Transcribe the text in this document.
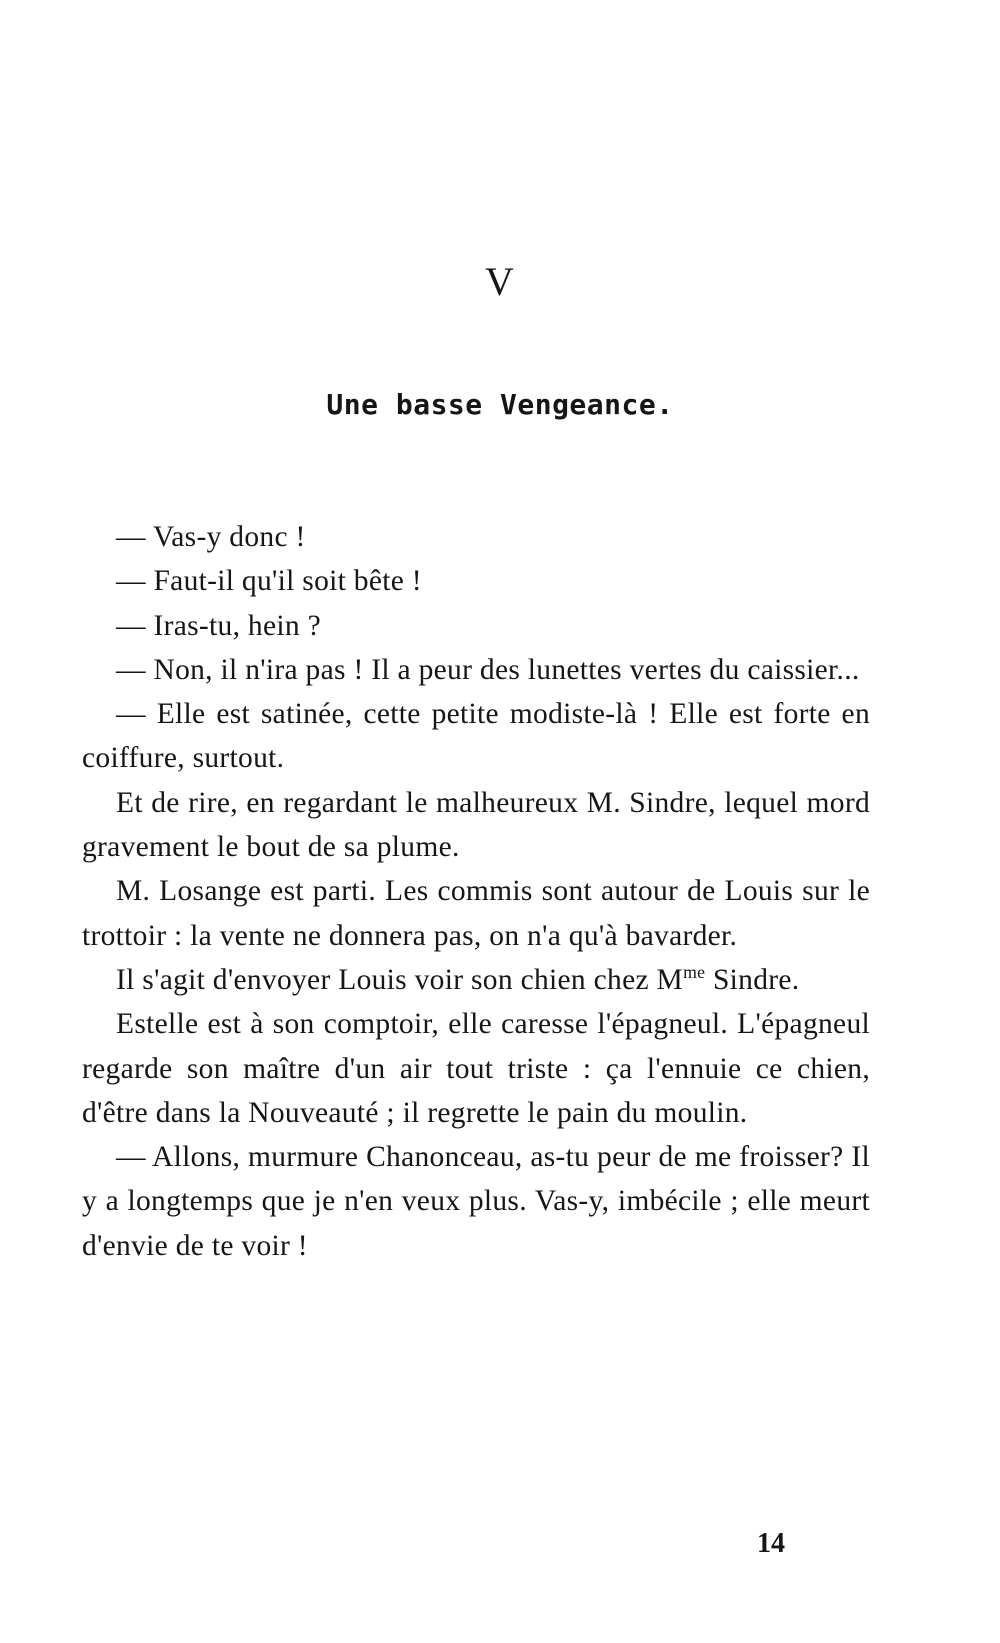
V
Une basse Vengeance.

— Vas-y donc !

— Faut-il qu'il soit bête !

— Iras-tu, hein ?

— Non, il n'ira pas ! Il a peur des lunettes vertes du caissier...

— Elle est satinée, cette petite modiste-là ! Elle est forte en coiffure, surtout.

Et de rire, en regardant le malheureux M. Sindre, lequel mord gravement le bout de sa plume.

M. Losange est parti. Les commis sont autour de Louis sur le trottoir : la vente ne donnera pas, on n'a qu'à bavarder.

Il s'agit d'envoyer Louis voir son chien chez $M^{me}$ Sindre.

Estelle est à son comptoir, elle caresse l'épagneul. L'épagneul regarde son maître d'un air tout triste : ça l'ennuie ce chien, d'être dans la Nouveauté ; il regrette le pain du moulin.

— Allons, murmure Chanonceau, as-tu peur de me froisser? Il y a longtemps que je n'en veux plus. Vas-y, imbécile ; elle meurt d'envie de te voir !

14
